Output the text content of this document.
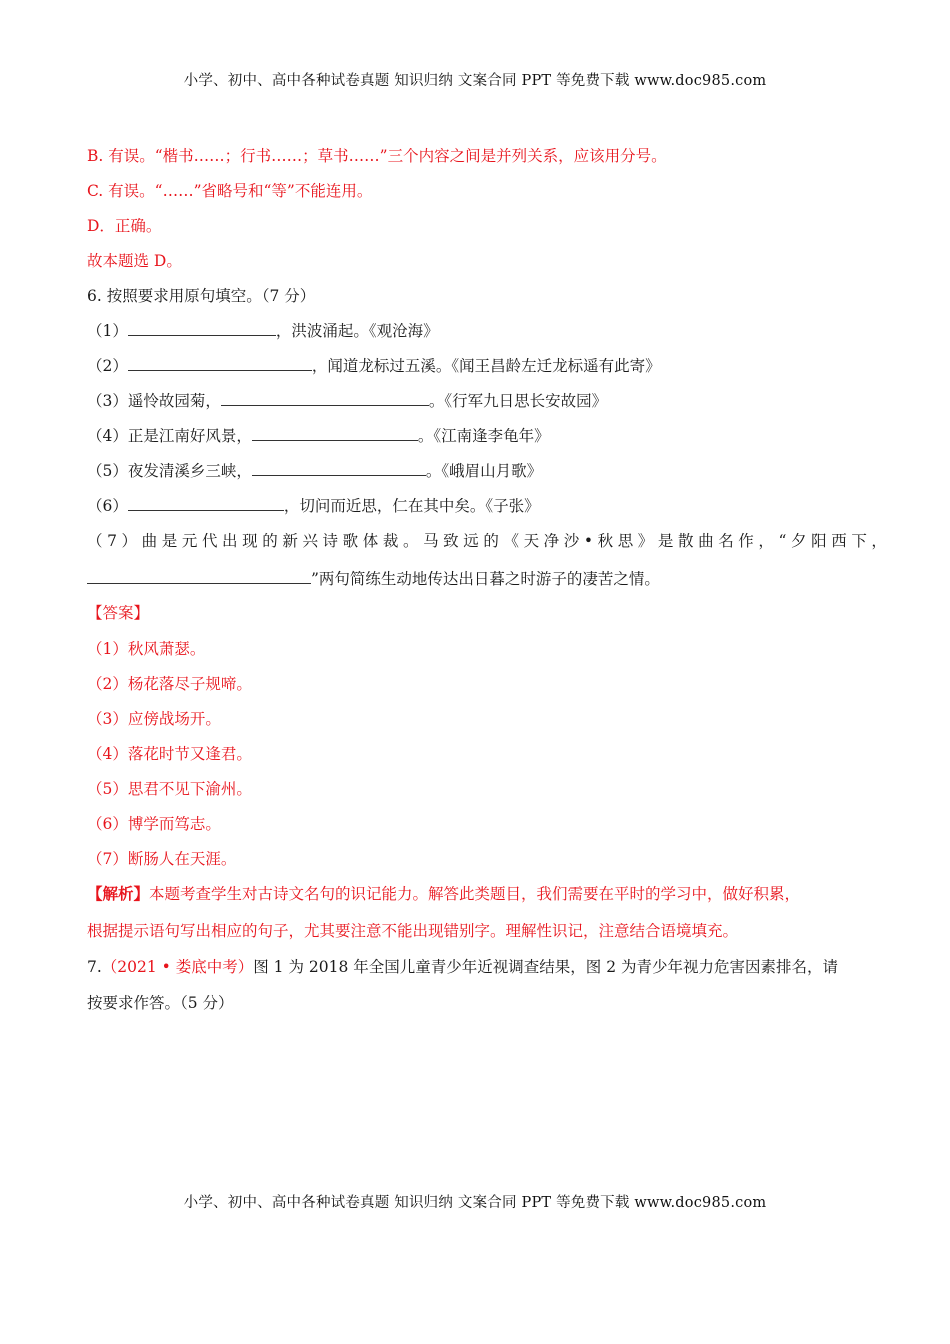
小学、初中、高中各种试卷真题 知识归纳 文案合同 PPT 等免费下载 www.doc985.com
B. 有误。“楷书……；行书……；草书……”三个内容之间是并列关系，应该用分号。
C. 有误。“……”省略号和“等”不能连用。
D．正确。
故本题选 D。
6. 按照要求用原句填空。（7 分）
（1）	，洪波涌起。《观沧海》
（2）	，闻道龙标过五溪。《闻王昌龄左迁龙标遥有此寄》
（3）遥怜故园菊，	。《行军九日思长安故园》
（4）正是江南好风景，	。《江南逢李龟年》
（5）夜发清溪乡三峡，	。《峨眉山月歌》
（6）	，切问而近思，仁在其中矣。《子张》
（7）曲是元代出现的新兴诗歌体裁。马致远的《天净沙•秋思》是散曲名作，“夕阳西下，
”两句简练生动地传达出日暮之时游子的凄苦之情。
【答案】
（1）秋风萧瑟。
（2）杨花落尽子规啼。
（3）应傍战场开。
（4）落花时节又逢君。
（5）思君不见下渝州。
（6）博学而笃志。
（7）断肠人在天涯。
【解析】本题考查学生对古诗文名句的识记能力。解答此类题目，我们需要在平时的学习中，做好积累，
根据提示语句写出相应的句子，尤其要注意不能出现错别字。理解性识记，注意结合语境填充。
7.（2021 • 娄底中考）图 1 为 2018 年全国儿童青少年近视调查结果，图 2 为青少年视力危害因素排名，请
按要求作答。（5 分）
小学、初中、高中各种试卷真题 知识归纳 文案合同 PPT 等免费下载 www.doc985.com
